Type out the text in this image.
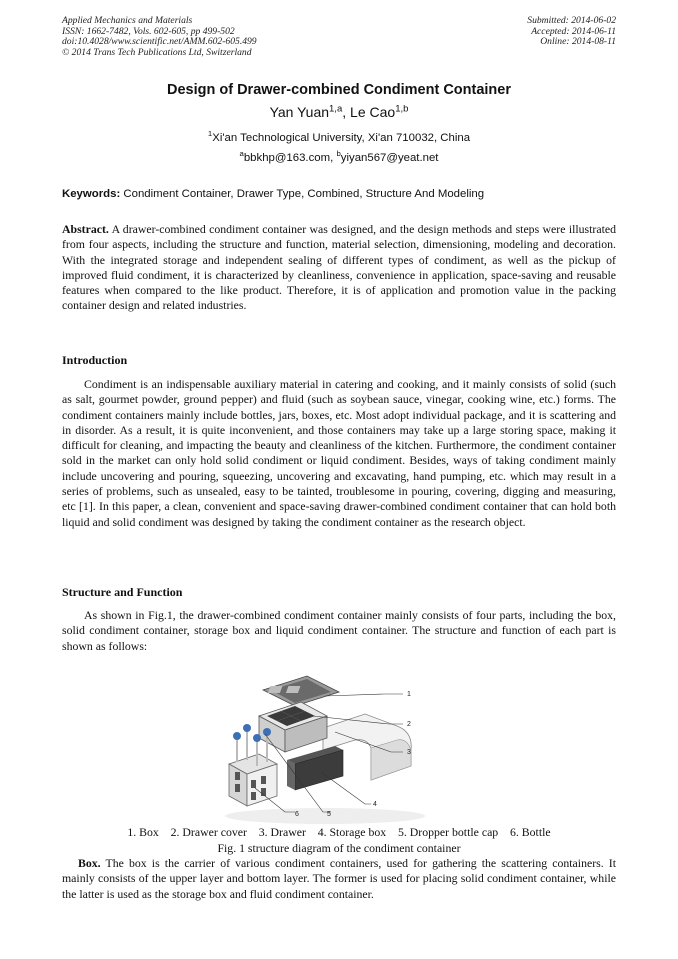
Applied Mechanics and Materials
ISSN: 1662-7482, Vols. 602-605, pp 499-502
doi:10.4028/www.scientific.net/AMM.602-605.499
© 2014 Trans Tech Publications Ltd, Switzerland
Submitted: 2014-06-02
Accepted: 2014-06-11
Online: 2014-08-11
Design of Drawer-combined Condiment Container
Yan Yuan$^{1,a}$, Le Cao$^{1,b}$
$^1$Xi'an Technological University, Xi'an 710032, China
$^a$bbkhp@163.com, $^b$yiyan567@yeat.net
Keywords: Condiment Container, Drawer Type, Combined, Structure And Modeling

Abstract. A drawer-combined condiment container was designed, and the design methods and steps were illustrated from four aspects, including the structure and function, material selection, dimensioning, modeling and decoration. With the integrated storage and independent sealing of different types of condiment, as well as the pickup of improved fluid condiment, it is characterized by cleanliness, convenience in application, space-saving and reusable features when compared to the like product. Therefore, it is of application and promotion value in the packing container design and related industries.

Introduction

Condiment is an indispensable auxiliary material in catering and cooking, and it mainly consists of solid (such as salt, gourmet powder, ground pepper) and fluid (such as soybean sauce, vinegar, cooking wine, etc.) forms. The condiment containers mainly include bottles, jars, boxes, etc. Most adopt individual package, and it is scattering and in disorder. As a result, it is quite inconvenient, and those containers may take up a large storing space, making it difficult for cleaning, and impacting the beauty and cleanliness of the kitchen. Furthermore, the condiment container sold in the market can only hold solid condiment or liquid condiment. Besides, ways of taking condiment mainly include uncovering and pouring, squeezing, uncovering and excavating, hand pumping, etc. which may result in a series of problems, such as unsealed, easy to be tainted, troublesome in pouring, covering, digging and measuring, etc [1]. In this paper, a clean, convenient and space-saving drawer-combined condiment container that can hold both liquid and solid condiment was designed by taking the condiment container as the research object.

Structure and Function

As shown in Fig.1, the drawer-combined condiment container mainly consists of four parts, including the box, solid condiment container, storage box and liquid condiment container. The structure and function of each part is shown as follows:

1
2
3
4
5
6
1. Box    2. Drawer cover    3. Drawer    4. Storage box    5. Dropper bottle cap    6. Bottle
Fig. 1 structure diagram of the condiment container

Box. The box is the carrier of various condiment containers, used for gathering the scattering containers. It mainly consists of the upper layer and bottom layer. The former is used for placing solid condiment container, while the latter is used as the storage box and fluid condiment container.
